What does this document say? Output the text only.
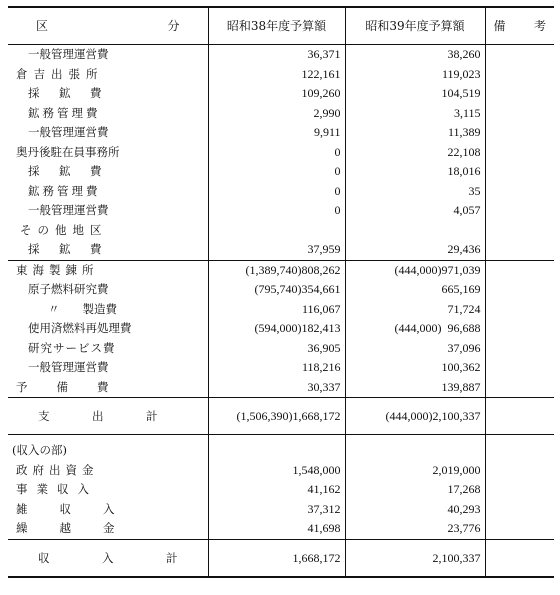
区 分	昭和38年度予算額	昭和39年度予算額	備 考

一般管理運営費	36,371	38,260	
倉吉出張所	122,161	119,023	
採　鉱　費	109,260	104,519	
鉱務管理費	2,990	3,115	
一般管理運営費	9,911	11,389	
奥丹後駐在員事務所	0	22,108	
採　鉱　費	0	18,016	
鉱務管理費	0	35	
一般管理運営費	0	4,057	
その他地区			
採　鉱　費	37,959	29,436	
東海製錬所	(1,389,740)808,262	(444,000)971,039	
原子燃料研究費	(795,740)354,661	665,169	
〃　　製造費	116,067	71,724	
使用済燃料再処理費	(594,000)182,413	(444,000)  96,688	
研究サービス費	36,905	37,096	
一般管理運営費	118,216	100,362	
予　　備　　費	30,337	139,887	

支 出 計	(1,506,390)1,668,172	(444,000)2,100,337	

(収入の部)			
政府出資金	1,548,000	2,019,000	
事業収入	41,162	17,268	
雑　　収　　入	37,312	40,293	
繰　　越　　金	41,698	23,776	

収 入 計	1,668,172	2,100,337	
